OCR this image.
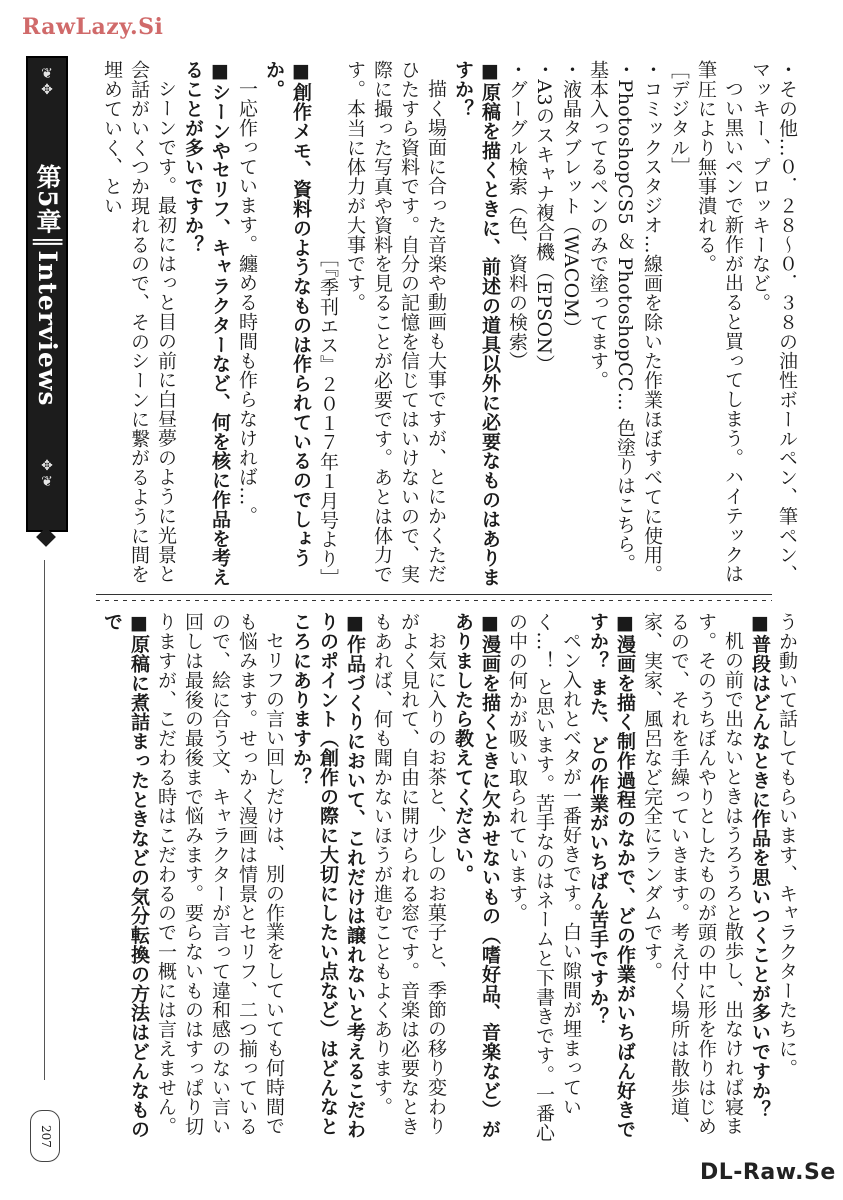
RawLazy.Si
❦
✥
第5章║Interviews
✥
❦
207

・その他…０．２８～０．３８の油性ボールペン、筆ペン、マッキー、プロッキーなど。

つい黒いペンで新作が出ると買ってしまう。ハイテックは筆圧により無事潰れる。

［デジタル］

・コミックスタジオ…線画を除いた作業ほぼすべてに使用。

・PhotoshopCS5 ＆ PhotoshopCC… 色塗りはこちら。基本入ってるペンのみで塗ってます。

・液晶タブレット（WACOM）

・A3のスキャナ複合機（EPSON）

・グーグル検索（色、資料の検索）

■原稿を描くときに、前述の道具以外に必要なものはありますか？

描く場面に合った音楽や動画も大事ですが、とにかくただひたすら資料です。自分の記憶を信じてはいけないので、実際に撮った写真や資料を見ることが必要です。あとは体力です。本当に体力が大事です。

［『季刊エス』２０１７年１月号より］

■創作メモ、資料のようなものは作られているのでしょうか。

一応作っています。纏める時間も作らなければ…。

■シーンやセリフ、キャラクターなど、何を核に作品を考えることが多いですか？

シーンです。最初にはっと目の前に白昼夢のように光景と会話がいくつか現れるので、そのシーンに繋がるように間を埋めていく、とい

うか動いて話してもらいます、キャラクターたちに。

■普段はどんなときに作品を思いつくことが多いですか？

机の前で出ないときはうろうろと散歩し、出なければ寝ます。そのうちぼんやりとしたものが頭の中に形を作りはじめるので、それを手繰っていきます。考え付く場所は散歩道、家、実家、風呂など完全にランダムです。

■漫画を描く制作過程のなかで、どの作業がいちばん好きですか？ また、どの作業がいちばん苦手ですか？

ペン入れとベタが一番好きです。白い隙間が埋まっていく…！ と思います。苦手なのはネームと下書きです。一番心の中の何かが吸い取られています。

■漫画を描くときに欠かせないもの（嗜好品、音楽など）がありましたら教えてください。

お気に入りのお茶と、少しのお菓子と、季節の移り変わりがよく見れて、自由に開けられる窓です。音楽は必要なときもあれば、何も聞かないほうが進むこともよくあります。

■作品づくりにおいて、これだけは譲れないと考えるこだわりのポイント（創作の際に大切にしたい点など）はどんなところにありますか？

セリフの言い回しだけは、別の作業をしていても何時間でも悩みます。せっかく漫画は情景とセリフ、二つ揃っているので、絵に合う文、キャラクターが言って違和感のない言い回しは最後の最後まで悩みます。要らないものはすっぱり切りますが、こだわる時はこだわるので一概には言えません。

■原稿に煮詰まったときなどの気分転換の方法はどんなもので

DL-Raw.Se
